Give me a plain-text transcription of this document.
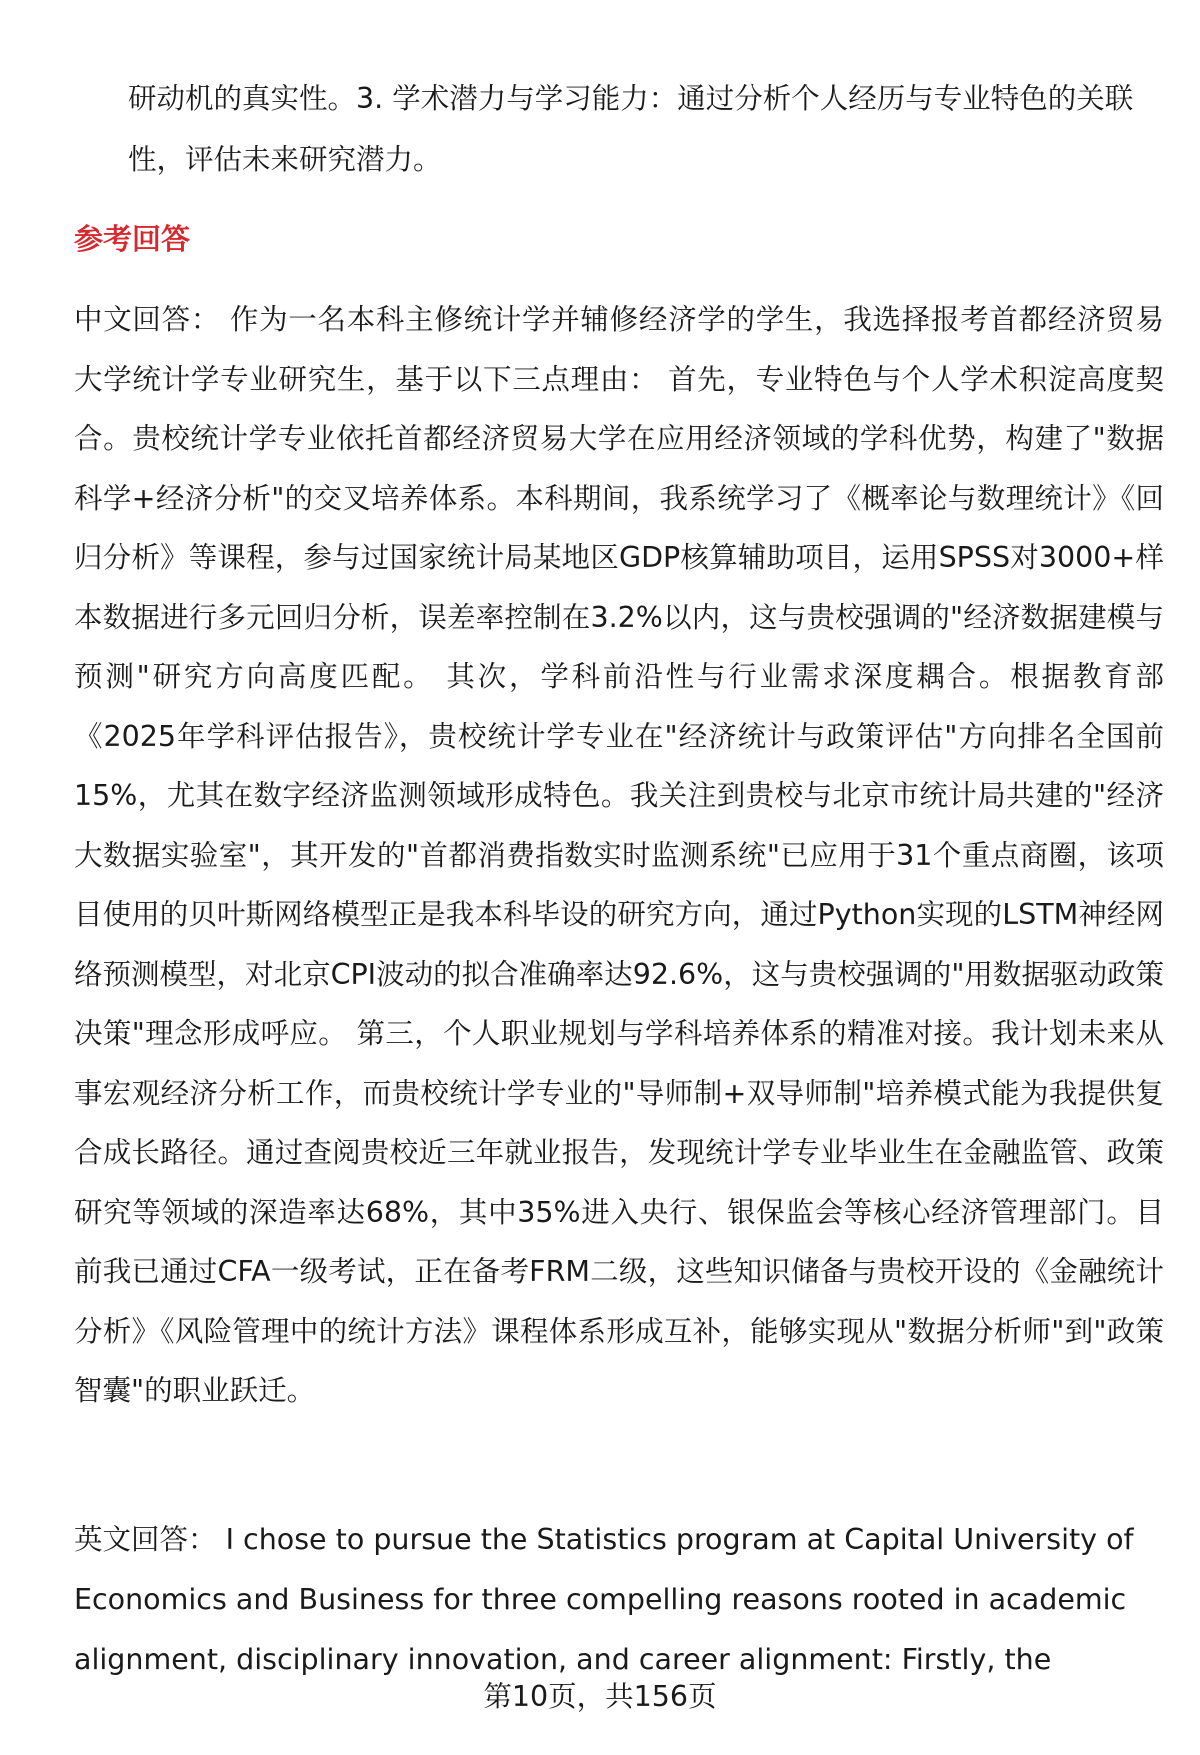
研动机的真实性。3. 学术潜力与学习能力：通过分析个人经历与专业特色的关联性，评估未来研究潜力。
参考回答
中文回答： 作为一名本科主修统计学并辅修经济学的学生，我选择报考首都经济贸易大学统计学专业研究生，基于以下三点理由： 首先，专业特色与个人学术积淀高度契合。贵校统计学专业依托首都经济贸易大学在应用经济领域的学科优势，构建了"数据科学+经济分析"的交叉培养体系。本科期间，我系统学习了《概率论与数理统计》《回归分析》等课程，参与过国家统计局某地区GDP核算辅助项目，运用SPSS对3000+样本数据进行多元回归分析，误差率控制在3.2%以内，这与贵校强调的"经济数据建模与预测"研究方向高度匹配。 其次，学科前沿性与行业需求深度耦合。根据教育部《2025年学科评估报告》，贵校统计学专业在"经济统计与政策评估"方向排名全国前15%，尤其在数字经济监测领域形成特色。我关注到贵校与北京市统计局共建的"经济大数据实验室"，其开发的"首都消费指数实时监测系统"已应用于31个重点商圈，该项目使用的贝叶斯网络模型正是我本科毕设的研究方向，通过Python实现的LSTM神经网络预测模型，对北京CPI波动的拟合准确率达92.6%，这与贵校强调的"用数据驱动政策决策"理念形成呼应。 第三，个人职业规划与学科培养体系的精准对接。我计划未来从事宏观经济分析工作，而贵校统计学专业的"导师制+双导师制"培养模式能为我提供复合成长路径。通过查阅贵校近三年就业报告，发现统计学专业毕业生在金融监管、政策研究等领域的深造率达68%，其中35%进入央行、银保监会等核心经济管理部门。目前我已通过CFA一级考试，正在备考FRM二级，这些知识储备与贵校开设的《金融统计分析》《风险管理中的统计方法》课程体系形成互补，能够实现从"数据分析师"到"政策智囊"的职业跃迁。
英文回答： I chose to pursue the Statistics program at Capital University of Economics and Business for three compelling reasons rooted in academic alignment, disciplinary innovation, and career alignment: Firstly, the
第10页，共156页
